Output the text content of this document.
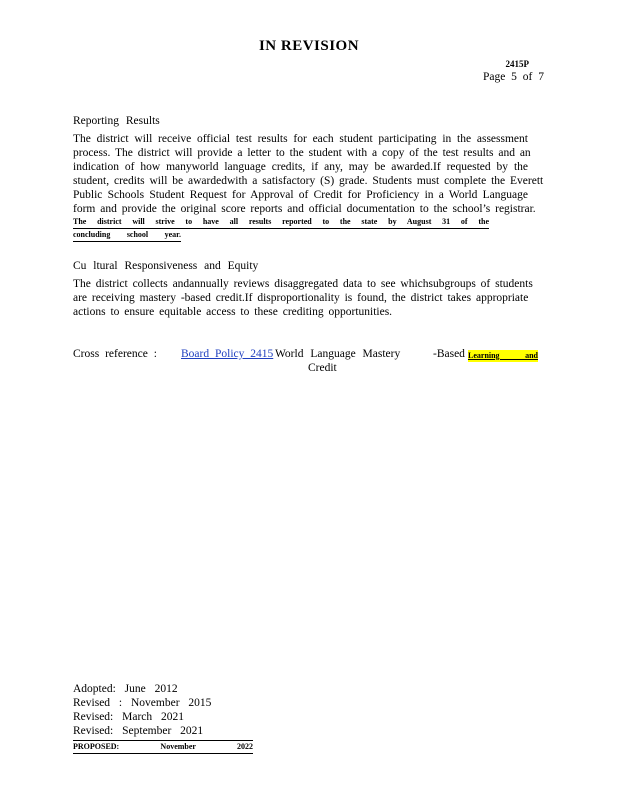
IN REVISION
2415P
Page 5 of 7
Reporting Results
The district will receive official test results for each student participating in the assessment
process. The district will provide a letter to the student with a copy of the test results and an
indication of how manyworld language credits, if any, may be awarded.If requested by the
student, credits will be awardedwith a satisfactory (S) grade. Students must complete the Everett
Public Schools Student Request for Approval of Credit for Proficiency in a World Language
form and provide the original score reports and official documentation to the school’s registrar.
The district will strive to have all results reported to the state by August 31 of the
concluding school year.
Cu ltural Responsiveness and Equity
The district collects andannually reviews disaggregated data to see whichsubgroups of students
are receiving mastery -based credit.If disproportionality is found, the district takes appropriate
actions to ensure equitable access to these crediting opportunities.
Cross reference : Board Policy 2415 World Language Mastery	-Based Learning and
Credit
Adopted: June 2012
Revised : November 2015
Revised: March 2021
Revised: September 2021
PROPOSED: November 2022
